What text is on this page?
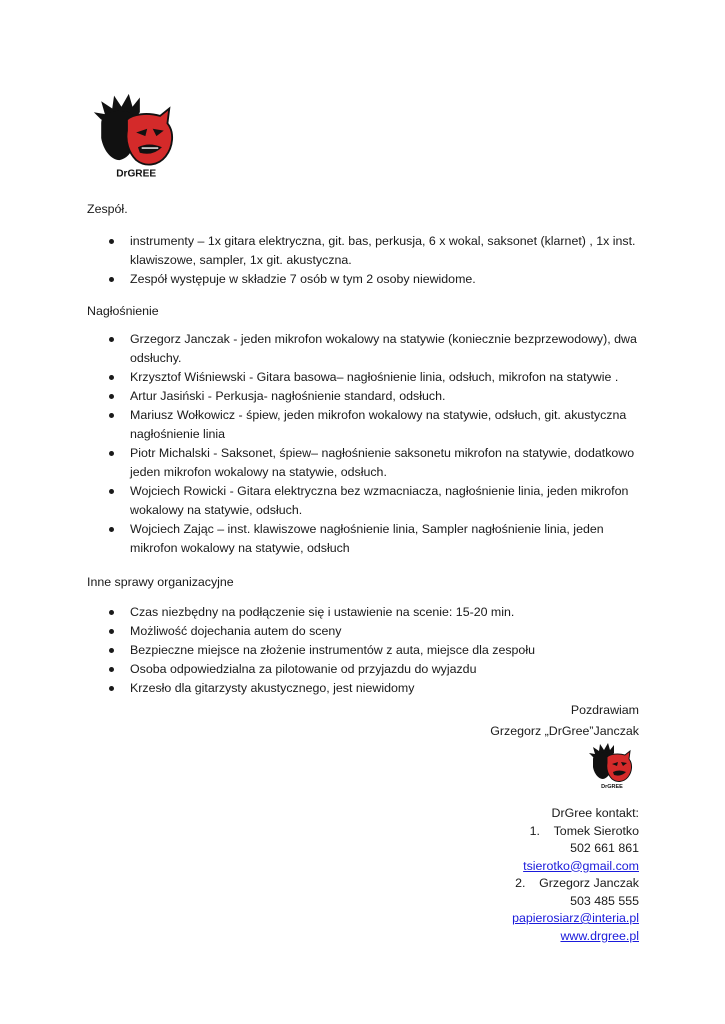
DrGREE
Zespół.
instrumenty – 1x gitara elektryczna, git. bas, perkusja, 6 x wokal, saksonet (klarnet) , 1x inst. klawiszowe, sampler, 1x git. akustyczna.
Zespół występuje w składzie 7 osób w tym 2 osoby niewidome.
Nagłośnienie
Grzegorz Janczak - jeden mikrofon wokalowy na statywie (koniecznie bezprzewodowy), dwa odsłuchy.
Krzysztof Wiśniewski - Gitara basowa– nagłośnienie linia, odsłuch, mikrofon na statywie .
Artur Jasiński - Perkusja- nagłośnienie standard, odsłuch.
Mariusz Wołkowicz - śpiew, jeden mikrofon wokalowy na statywie, odsłuch, git. akustyczna nagłośnienie linia
Piotr Michalski - Saksonet, śpiew– nagłośnienie saksonetu mikrofon na statywie, dodatkowo jeden mikrofon wokalowy na statywie, odsłuch.
Wojciech Rowicki - Gitara elektryczna bez wzmacniacza, nagłośnienie linia, jeden mikrofon wokalowy na statywie, odsłuch.
Wojciech Zając – inst. klawiszowe nagłośnienie linia, Sampler nagłośnienie linia, jeden mikrofon wokalowy na statywie, odsłuch
Inne sprawy organizacyjne
Czas niezbędny na podłączenie się i ustawienie na scenie: 15-20 min.
Możliwość dojechania autem do sceny
Bezpieczne miejsce na złożenie instrumentów z auta, miejsce dla zespołu
Osoba odpowiedzialna za pilotowanie od przyjazdu do wyjazdu
Krzesło dla gitarzysty akustycznego, jest niewidomy
Pozdrawiam
Grzegorz „DrGree”Janczak
DrGREE
DrGree kontakt:
1. Tomek Sierotko
502 661 861
tsierotko@gmail.com
2. Grzegorz Janczak
503 485 555
papierosiarz@interia.pl
www.drgree.pl
